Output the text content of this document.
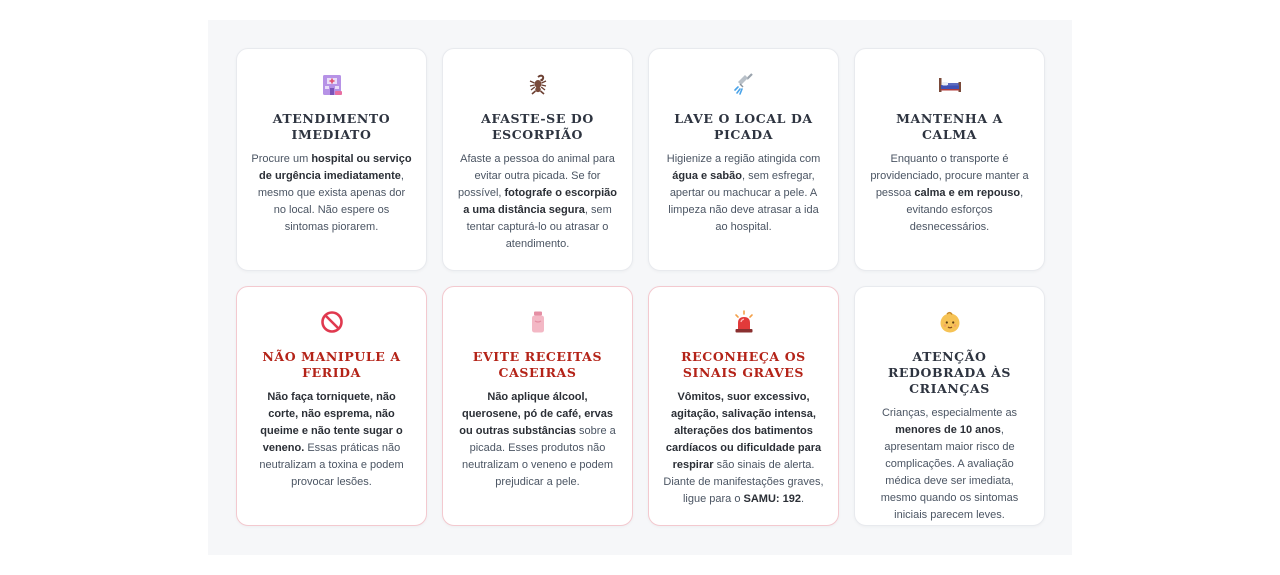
ATENDIMENTO IMEDIATO
Procure um hospital ou serviço de urgência imediatamente, mesmo que exista apenas dor no local. Não espere os sintomas piorarem.
AFASTE-SE DO ESCORPIÃO
Afaste a pessoa do animal para evitar outra picada. Se for possível, fotografe o escorpião a uma distância segura, sem tentar capturá-lo ou atrasar o atendimento.
LAVE O LOCAL DA PICADA
Higienize a região atingida com água e sabão, sem esfregar, apertar ou machucar a pele. A limpeza não deve atrasar a ida ao hospital.
MANTENHA A CALMA
Enquanto o transporte é providenciado, procure manter a pessoa calma e em repouso, evitando esforços desnecessários.
NÃO MANIPULE A FERIDA
Não faça torniquete, não corte, não esprema, não queime e não tente sugar o veneno. Essas práticas não neutralizam a toxina e podem provocar lesões.
EVITE RECEITAS CASEIRAS
Não aplique álcool, querosene, pó de café, ervas ou outras substâncias sobre a picada. Esses produtos não neutralizam o veneno e podem prejudicar a pele.
RECONHEÇA OS SINAIS GRAVES
Vômitos, suor excessivo, agitação, salivação intensa, alterações dos batimentos cardíacos ou dificuldade para respirar são sinais de alerta. Diante de manifestações graves, ligue para o SAMU: 192.
ATENÇÃO REDOBRADA ÀS CRIANÇAS
Crianças, especialmente as menores de 10 anos, apresentam maior risco de complicações. A avaliação médica deve ser imediata, mesmo quando os sintomas iniciais parecem leves.
